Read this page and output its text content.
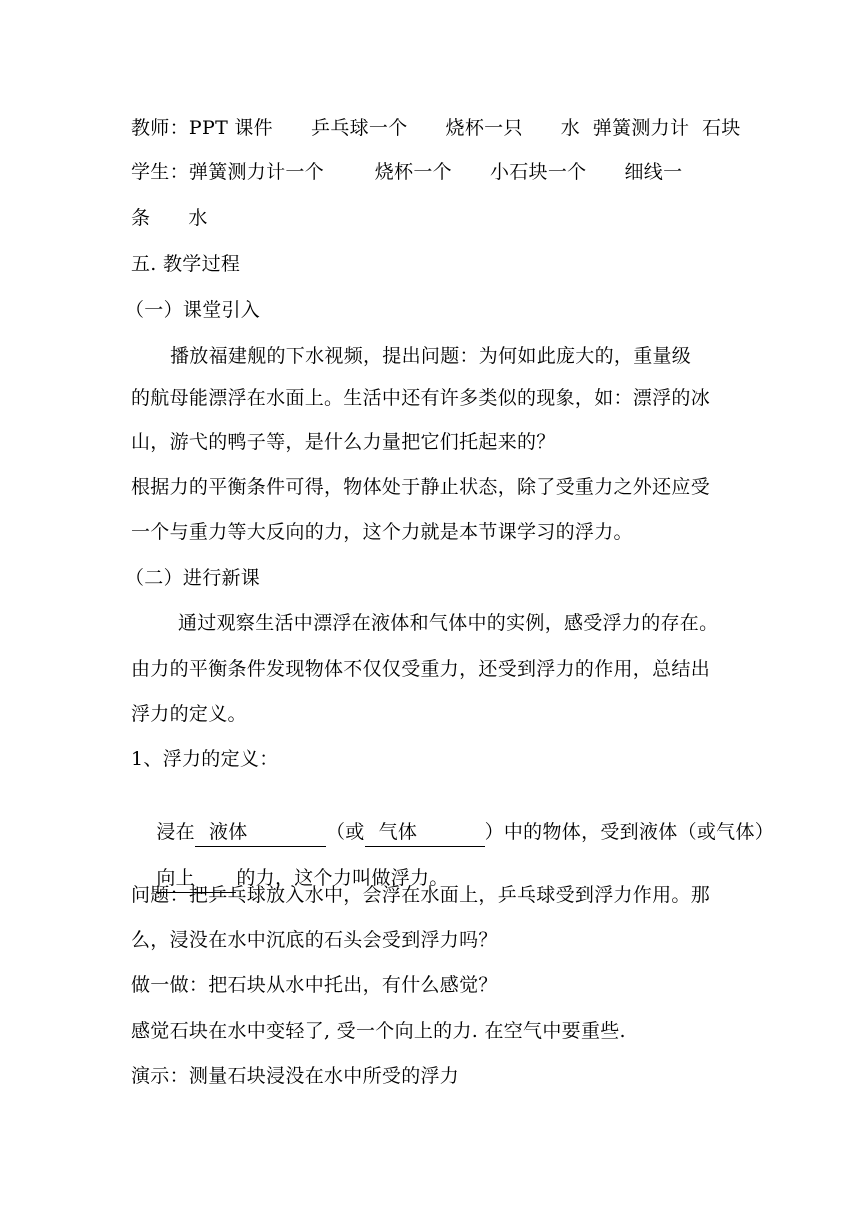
教师：PPT 课件      乒乓球一个      烧杯一只      水  弹簧测力计  石块
学生：弹簧测力计一个        烧杯一个      小石块一个      细线一
条      水
五. 教学过程
（一）课堂引入
播放福建舰的下水视频，提出问题：为何如此庞大的，重量级
的航母能漂浮在水面上。生活中还有许多类似的现象，如：漂浮的冰
山，游弋的鸭子等，是什么力量把它们托起来的？
根据力的平衡条件可得，物体处于静止状态，除了受重力之外还应受
一个与重力等大反向的力，这个力就是本节课学习的浮力。
（二）进行新课
通过观察生活中漂浮在液体和气体中的实例，感受浮力的存在。
由力的平衡条件发现物体不仅仅受重力，还受到浮力的作用，总结出
浮力的定义。
1、浮力的定义：

浸在 液体	（或 气体	）中的物体，受到液体（或气体）

向上 的力，这个力叫做浮力。

问题：把乒乓球放入水中，会浮在水面上，乒乓球受到浮力作用。那
么，浸没在水中沉底的石头会受到浮力吗？
做一做：把石块从水中托出，有什么感觉？
感觉石块在水中变轻了, 受一个向上的力. 在空气中要重些.
演示：测量石块浸没在水中所受的浮力
